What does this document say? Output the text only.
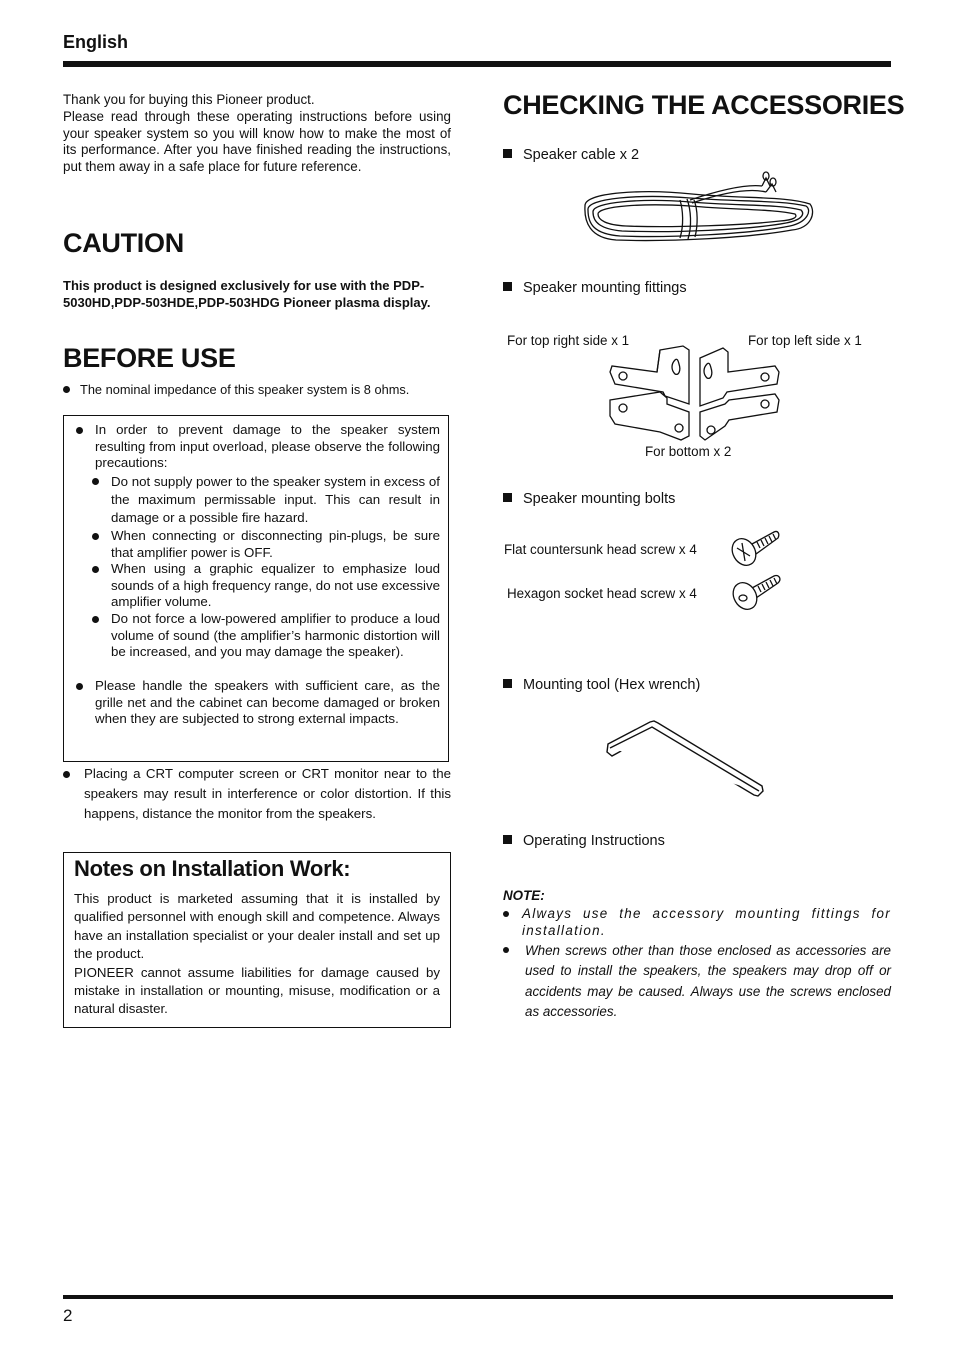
English

Thank you for buying this Pioneer product.

Please read through these operating instructions before using your speaker system so you will know how to make the most of its performance. After you have finished reading the instructions, put them away in a safe place for future reference.

CAUTION
This product is designed exclusively for use with the PDP-5030HD,PDP-503HDE,PDP-503HDG Pioneer plasma display.
BEFORE USE
The nominal impedance of this speaker system is 8 ohms.
In order to prevent damage to the speaker system resulting from input overload, please observe the following precautions:
Do not supply power to the speaker system in excess of the maximum permissable input. This can result in damage or a possible fire hazard.
When connecting or disconnecting pin-plugs, be sure that amplifier power is OFF.
When using a graphic equalizer to emphasize loud sounds of a high frequency range, do not use excessive amplifier volume.
Do not force a low-powered amplifier to produce a loud volume of sound (the amplifier’s harmonic distortion will be increased, and you may damage the speaker).
Please handle the speakers with sufficient care, as the grille net and the cabinet can become damaged or broken when they are subjected to strong external impacts.
Placing a CRT computer screen or CRT monitor near to the speakers may result in interference or color distortion. If this happens, distance the monitor from the speakers.
Notes on Installation Work:

This product is marketed assuming that it is installed by qualified personnel with enough skill and competence. Always have an installation specialist or your dealer install and set up the product.

PIONEER cannot assume liabilities for damage caused by mistake in installation or mounting, misuse, modification or a natural disaster.

CHECKING THE ACCESSORIES
Speaker cable x 2
Speaker mounting fittings
For top right side x 1	For top left side x 1
For bottom x 2
Speaker mounting bolts
Flat countersunk head screw x 4
Hexagon socket head screw x 4
Mounting tool (Hex wrench)
Operating Instructions
NOTE:
Always use the accessory mounting fittings for installation.
When screws other than those enclosed as accessories are used to install the speakers, the speakers may drop off or accidents may be caused. Always use the screws enclosed as accessories.
2
